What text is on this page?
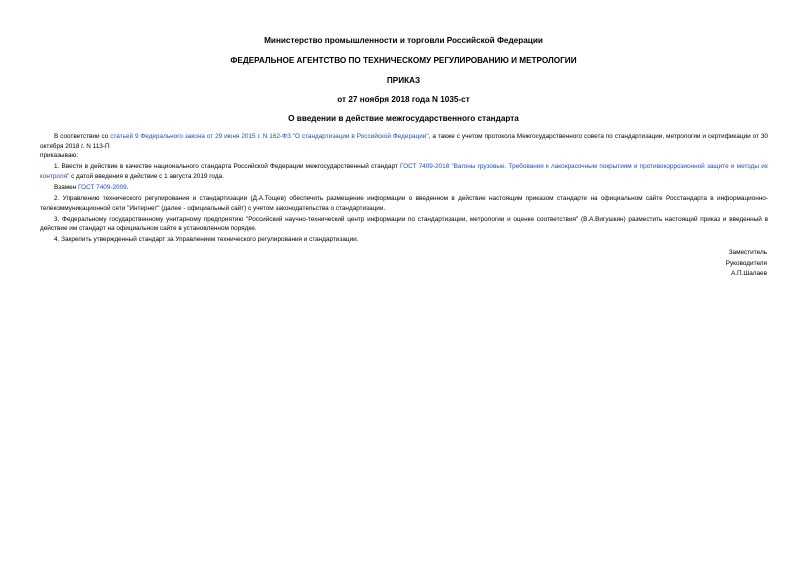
Министерство промышленности и торговли Российской Федерации
ФЕДЕРАЛЬНОЕ АГЕНТСТВО ПО ТЕХНИЧЕСКОМУ РЕГУЛИРОВАНИЮ И МЕТРОЛОГИИ
ПРИКАЗ
от 27 ноября 2018 года N 1035-ст
О введении в действие межгосударственного стандарта

В соответствии со статьей 9 Федерального закона от 29 июня 2015 г. N 162-ФЗ "О стандартизации в Российской Федерации", а также с учетом протокола Межгосударственного совета по стандартизации, метрологии и сертификации от 30 октября 2018 г. N 113-П

приказываю:

1. Ввести в действие в качестве национального стандарта Российской Федерации межгосударственный стандарт ГОСТ 7409-2018 "Вагоны грузовые. Требования к лакокрасочным покрытиям и противокоррозионной защите и методы их контроля" с датой введения в действие с 1 августа 2019 года.

Взамен ГОСТ 7409-2009.

2. Управлению технического регулирования и стандартизации (Д.А.Тощев) обеспечить размещение информации о введенном в действие настоящим приказом стандарте на официальном сайте Росстандарта в информационно-телекоммуникационной сети "Интернет" (далее - официальный сайт) с учетом законодательства о стандартизации.

3. Федеральному государственному унитарному предприятию "Российский научно-технический центр информации по стандартизации, метрологии и оценке соответствия" (В.А.Вигушкин) разместить настоящий приказ и введенный в действие им стандарт на официальном сайте в установленном порядке.

4. Закрепить утвержденный стандарт за Управлением технического регулирования и стандартизации.

Заместитель
Руководителя
А.П.Шалаев
